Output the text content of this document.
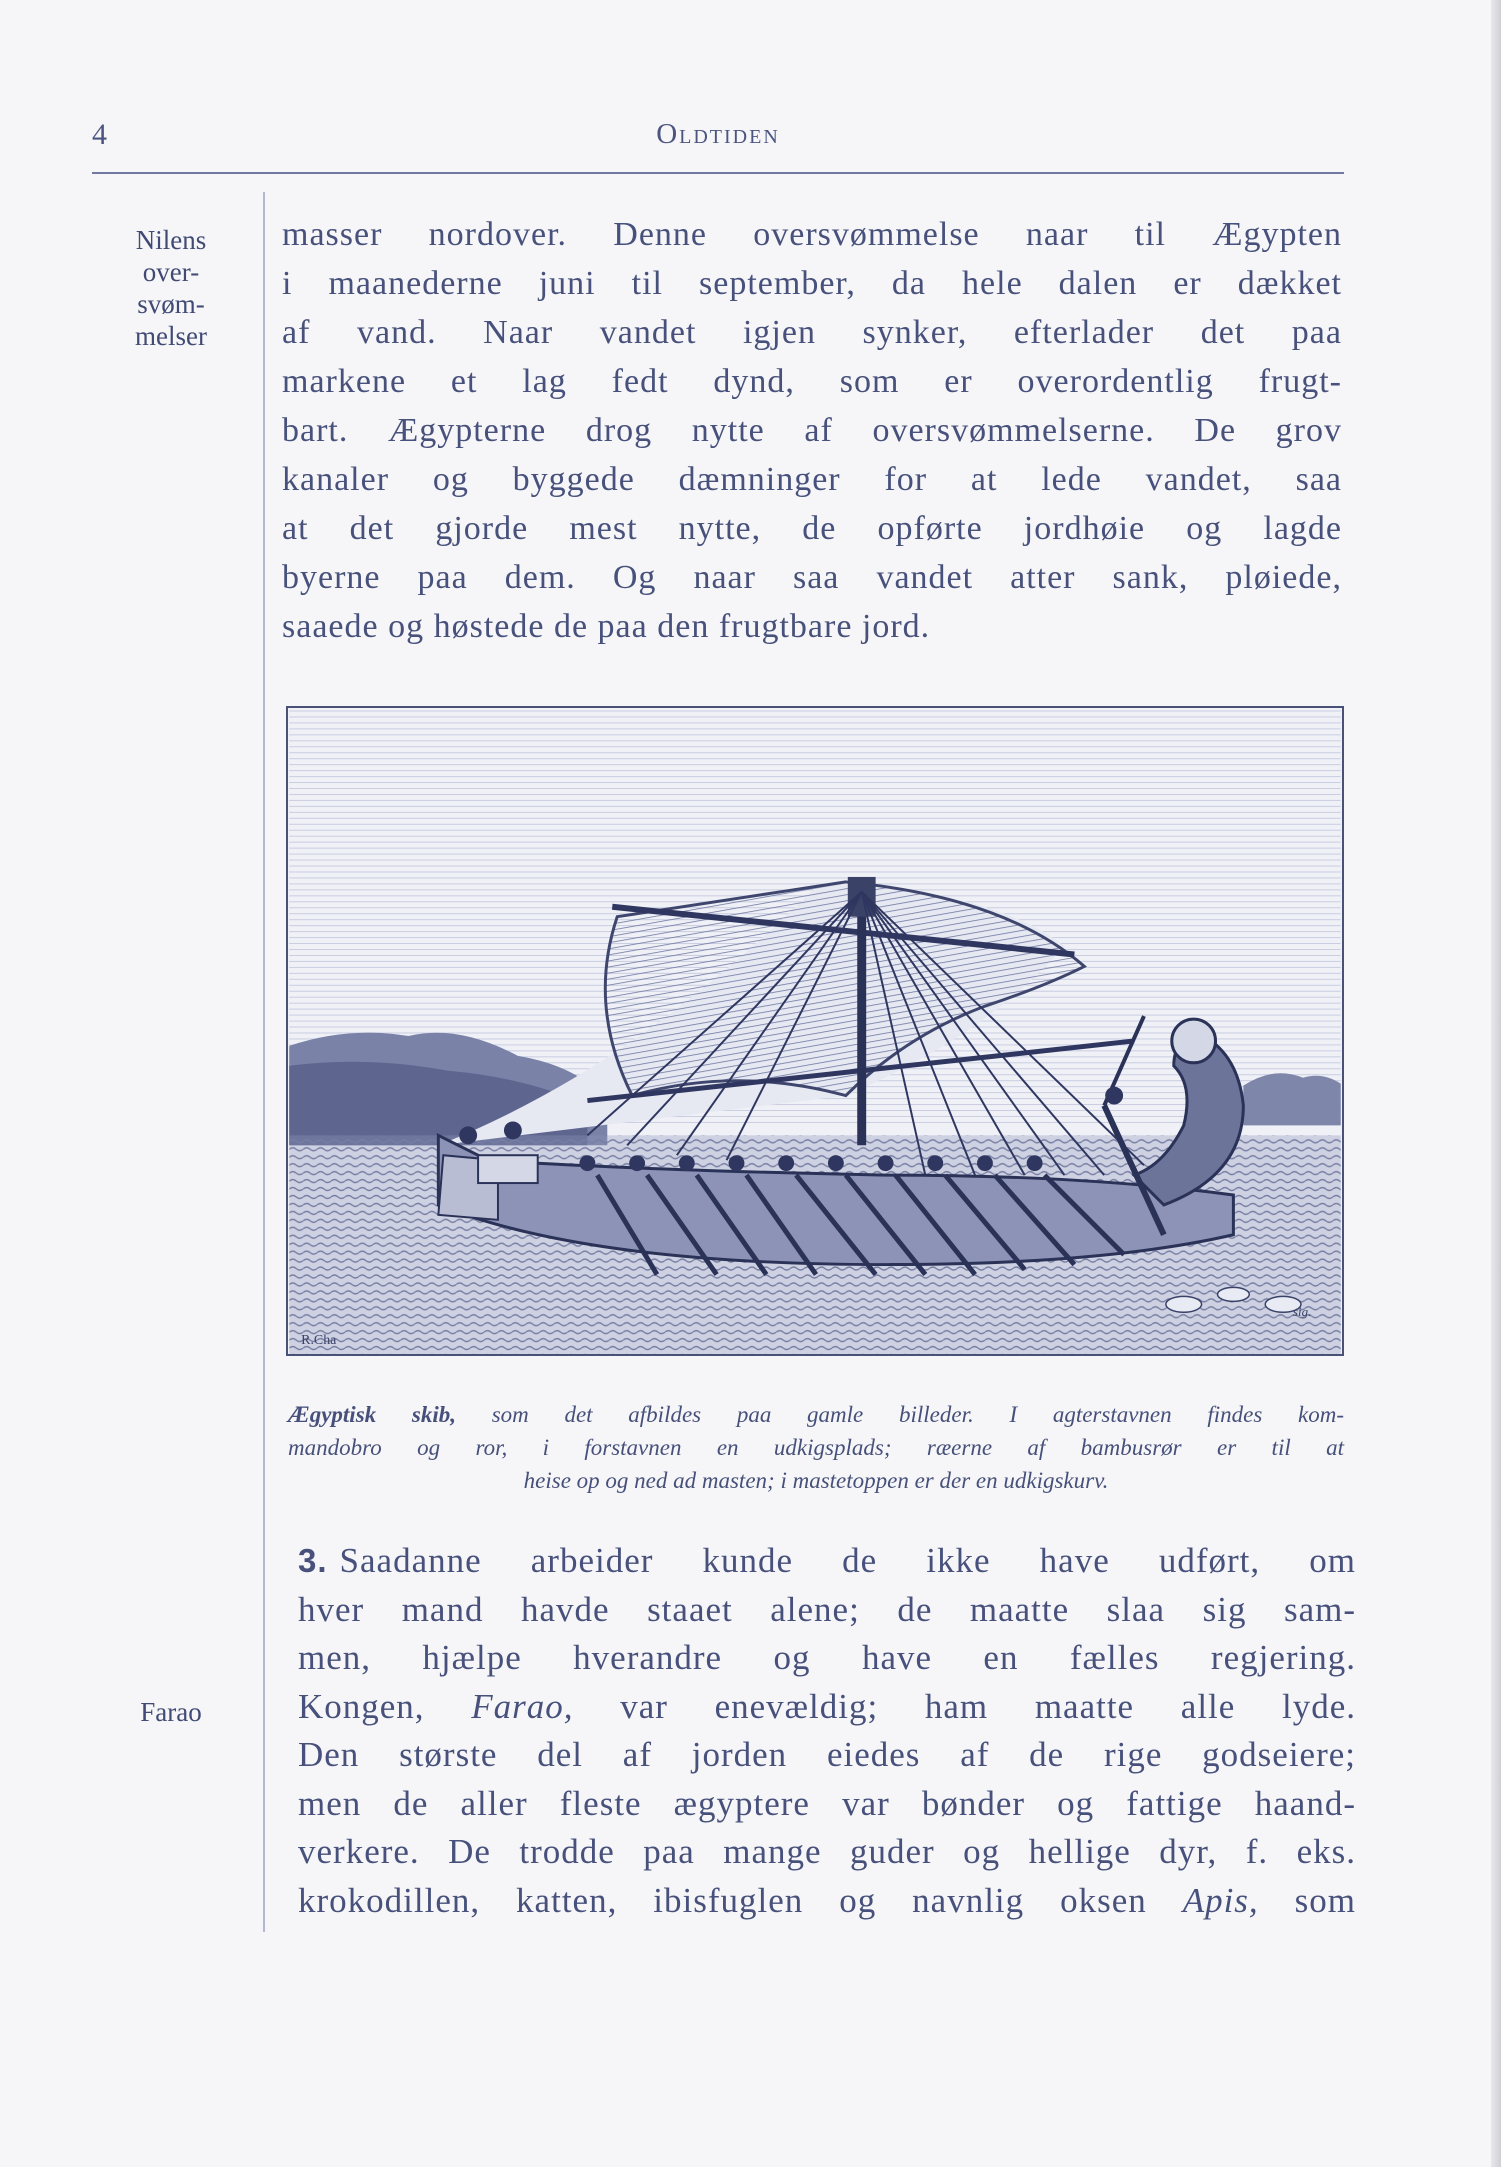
4	Oldtiden
Nilens
over-
svøm-
melser
masser nordover. Denne oversvømmelse naar til Ægypten
i maanederne juni til september, da hele dalen er dækket
af vand. Naar vandet igjen synker, efterlader det paa
markene et lag fedt dynd, som er overordentlig frugt-
bart. Ægypterne drog nytte af oversvømmelserne. De grov
kanaler og byggede dæmninger for at lede vandet, saa
at det gjorde mest nytte, de opførte jordhøie og lagde
byerne paa dem. Og naar saa vandet atter sank, pløiede,
saaede og høstede de paa den frugtbare jord.
R.Cha
sig.
Ægyptisk skib, som det afbildes paa gamle billeder. I agterstavnen findes kom-
mandobro og ror, i forstavnen en udkigsplads; ræerne af bambusrør er til at
heise op og ned ad masten; i mastetoppen er der en udkigskurv.
Farao
3. Saadanne arbeider kunde de ikke have udført, om
hver mand havde staaet alene; de maatte slaa sig sam-
men, hjælpe hverandre og have en fælles regjering.
Kongen, Farao, var enevældig; ham maatte alle lyde.
Den største del af jorden eiedes af de rige godseiere;
men de aller fleste ægyptere var bønder og fattige haand-
verkere. De trodde paa mange guder og hellige dyr, f. eks.
krokodillen, katten, ibisfuglen og navnlig oksen Apis, som
